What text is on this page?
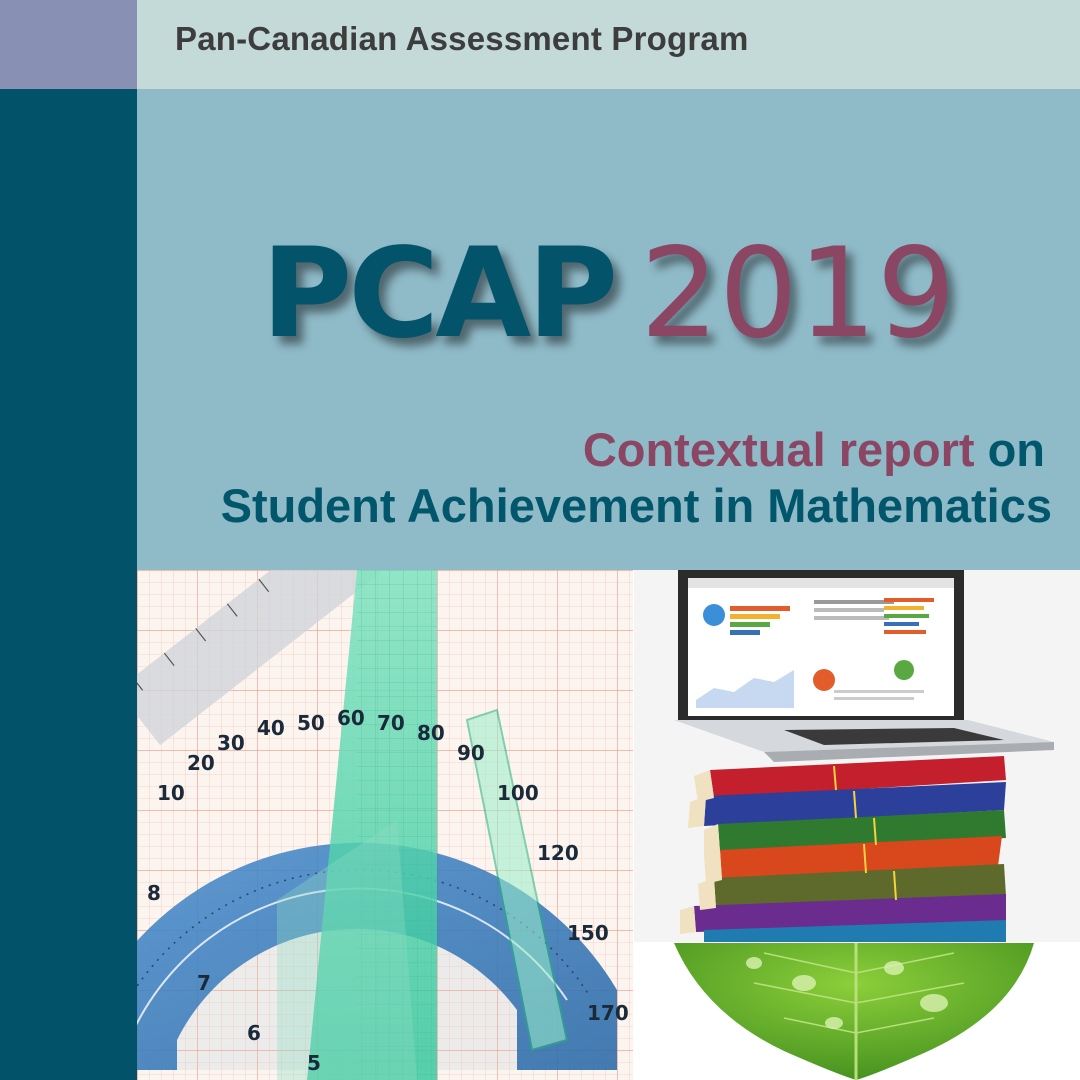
Pan-Canadian Assessment Program
PCAP 2019
Contextual report on
Student Achievement in Mathematics
10
20
30
40 50 60 70 80
90
100
120
150
170
7
6
5
8
